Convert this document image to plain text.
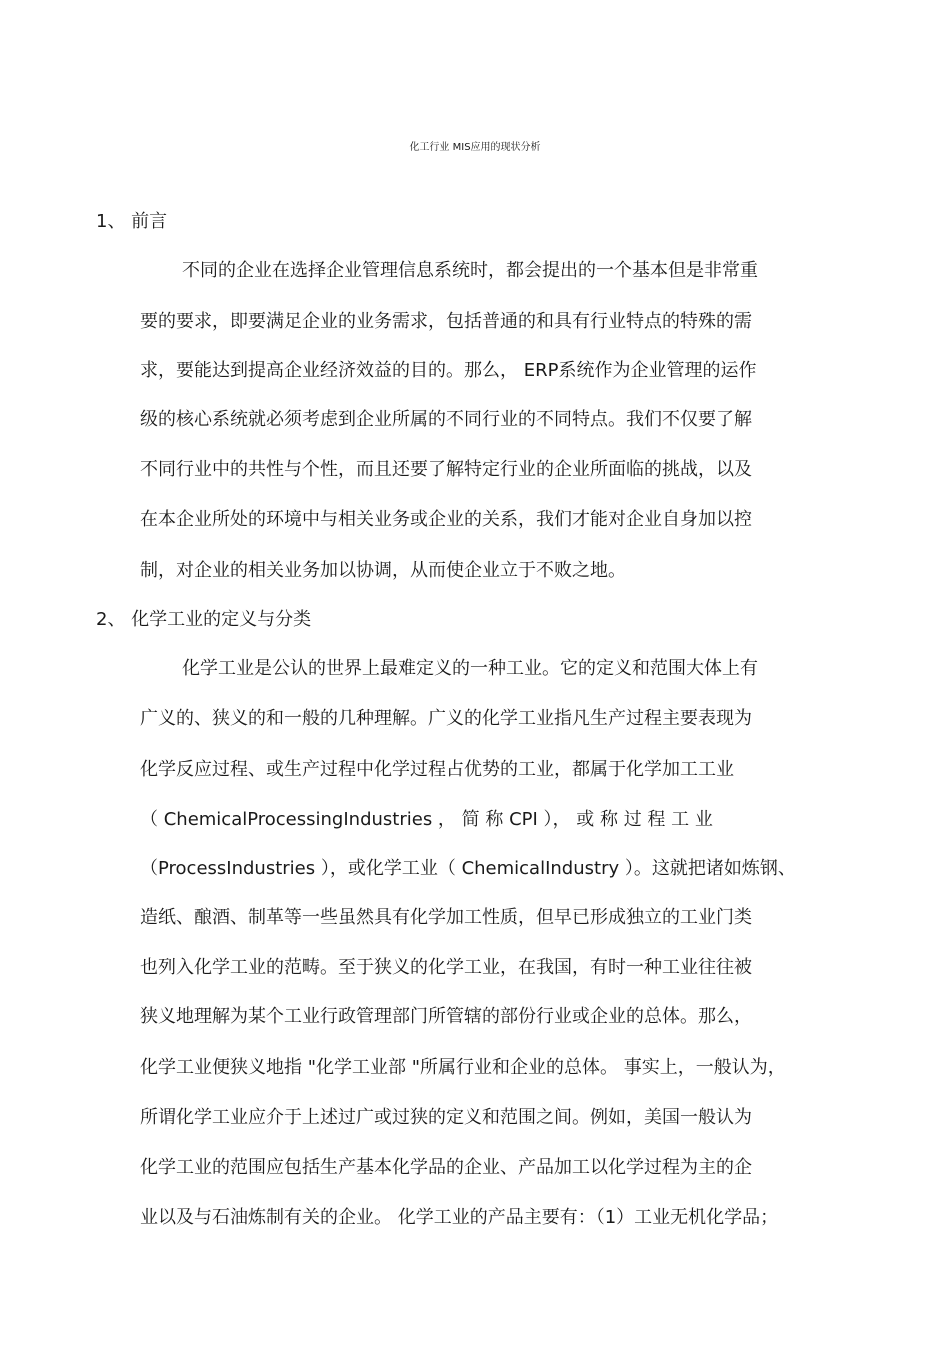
化工行业 MIS应用的现状分析
1、 前言
不同的企业在选择企业管理信息系统时，都会提出的一个基本但是非常重
要的要求，即要满足企业的业务需求，包括普通的和具有行业特点的特殊的需
求，要能达到提高企业经济效益的目的。那么， ERP系统作为企业管理的运作
级的核心系统就必须考虑到企业所属的不同行业的不同特点。我们不仅要了解
不同行业中的共性与个性，而且还要了解特定行业的企业所面临的挑战，以及
在本企业所处的环境中与相关业务或企业的关系，我们才能对企业自身加以控
制，对企业的相关业务加以协调，从而使企业立于不败之地。
2、 化学工业的定义与分类
化学工业是公认的世界上最难定义的一种工业。它的定义和范围大体上有
广义的、狭义的和一般的几种理解。广义的化学工业指凡生产过程主要表现为
化学反应过程、或生产过程中化学过程占优势的工业，都属于化学加工工业
（ ChemicalProcessingIndustries ， 简 称 CPI ）， 或 称 过 程 工 业
（ProcessIndustries ），或化学工业（ ChemicalIndustry ）。这就把诸如炼钢、
造纸、酿酒、制革等一些虽然具有化学加工性质，但早已形成独立的工业门类
也列入化学工业的范畴。至于狭义的化学工业，在我国，有时一种工业往往被
狭义地理解为某个工业行政管理部门所管辖的部份行业或企业的总体。那么，
化学工业便狭义地指 "化学工业部 "所属行业和企业的总体。 事实上，一般认为，
所谓化学工业应介于上述过广或过狭的定义和范围之间。例如，美国一般认为
化学工业的范围应包括生产基本化学品的企业、产品加工以化学过程为主的企
业以及与石油炼制有关的企业。 化学工业的产品主要有：（1）工业无机化学品；
